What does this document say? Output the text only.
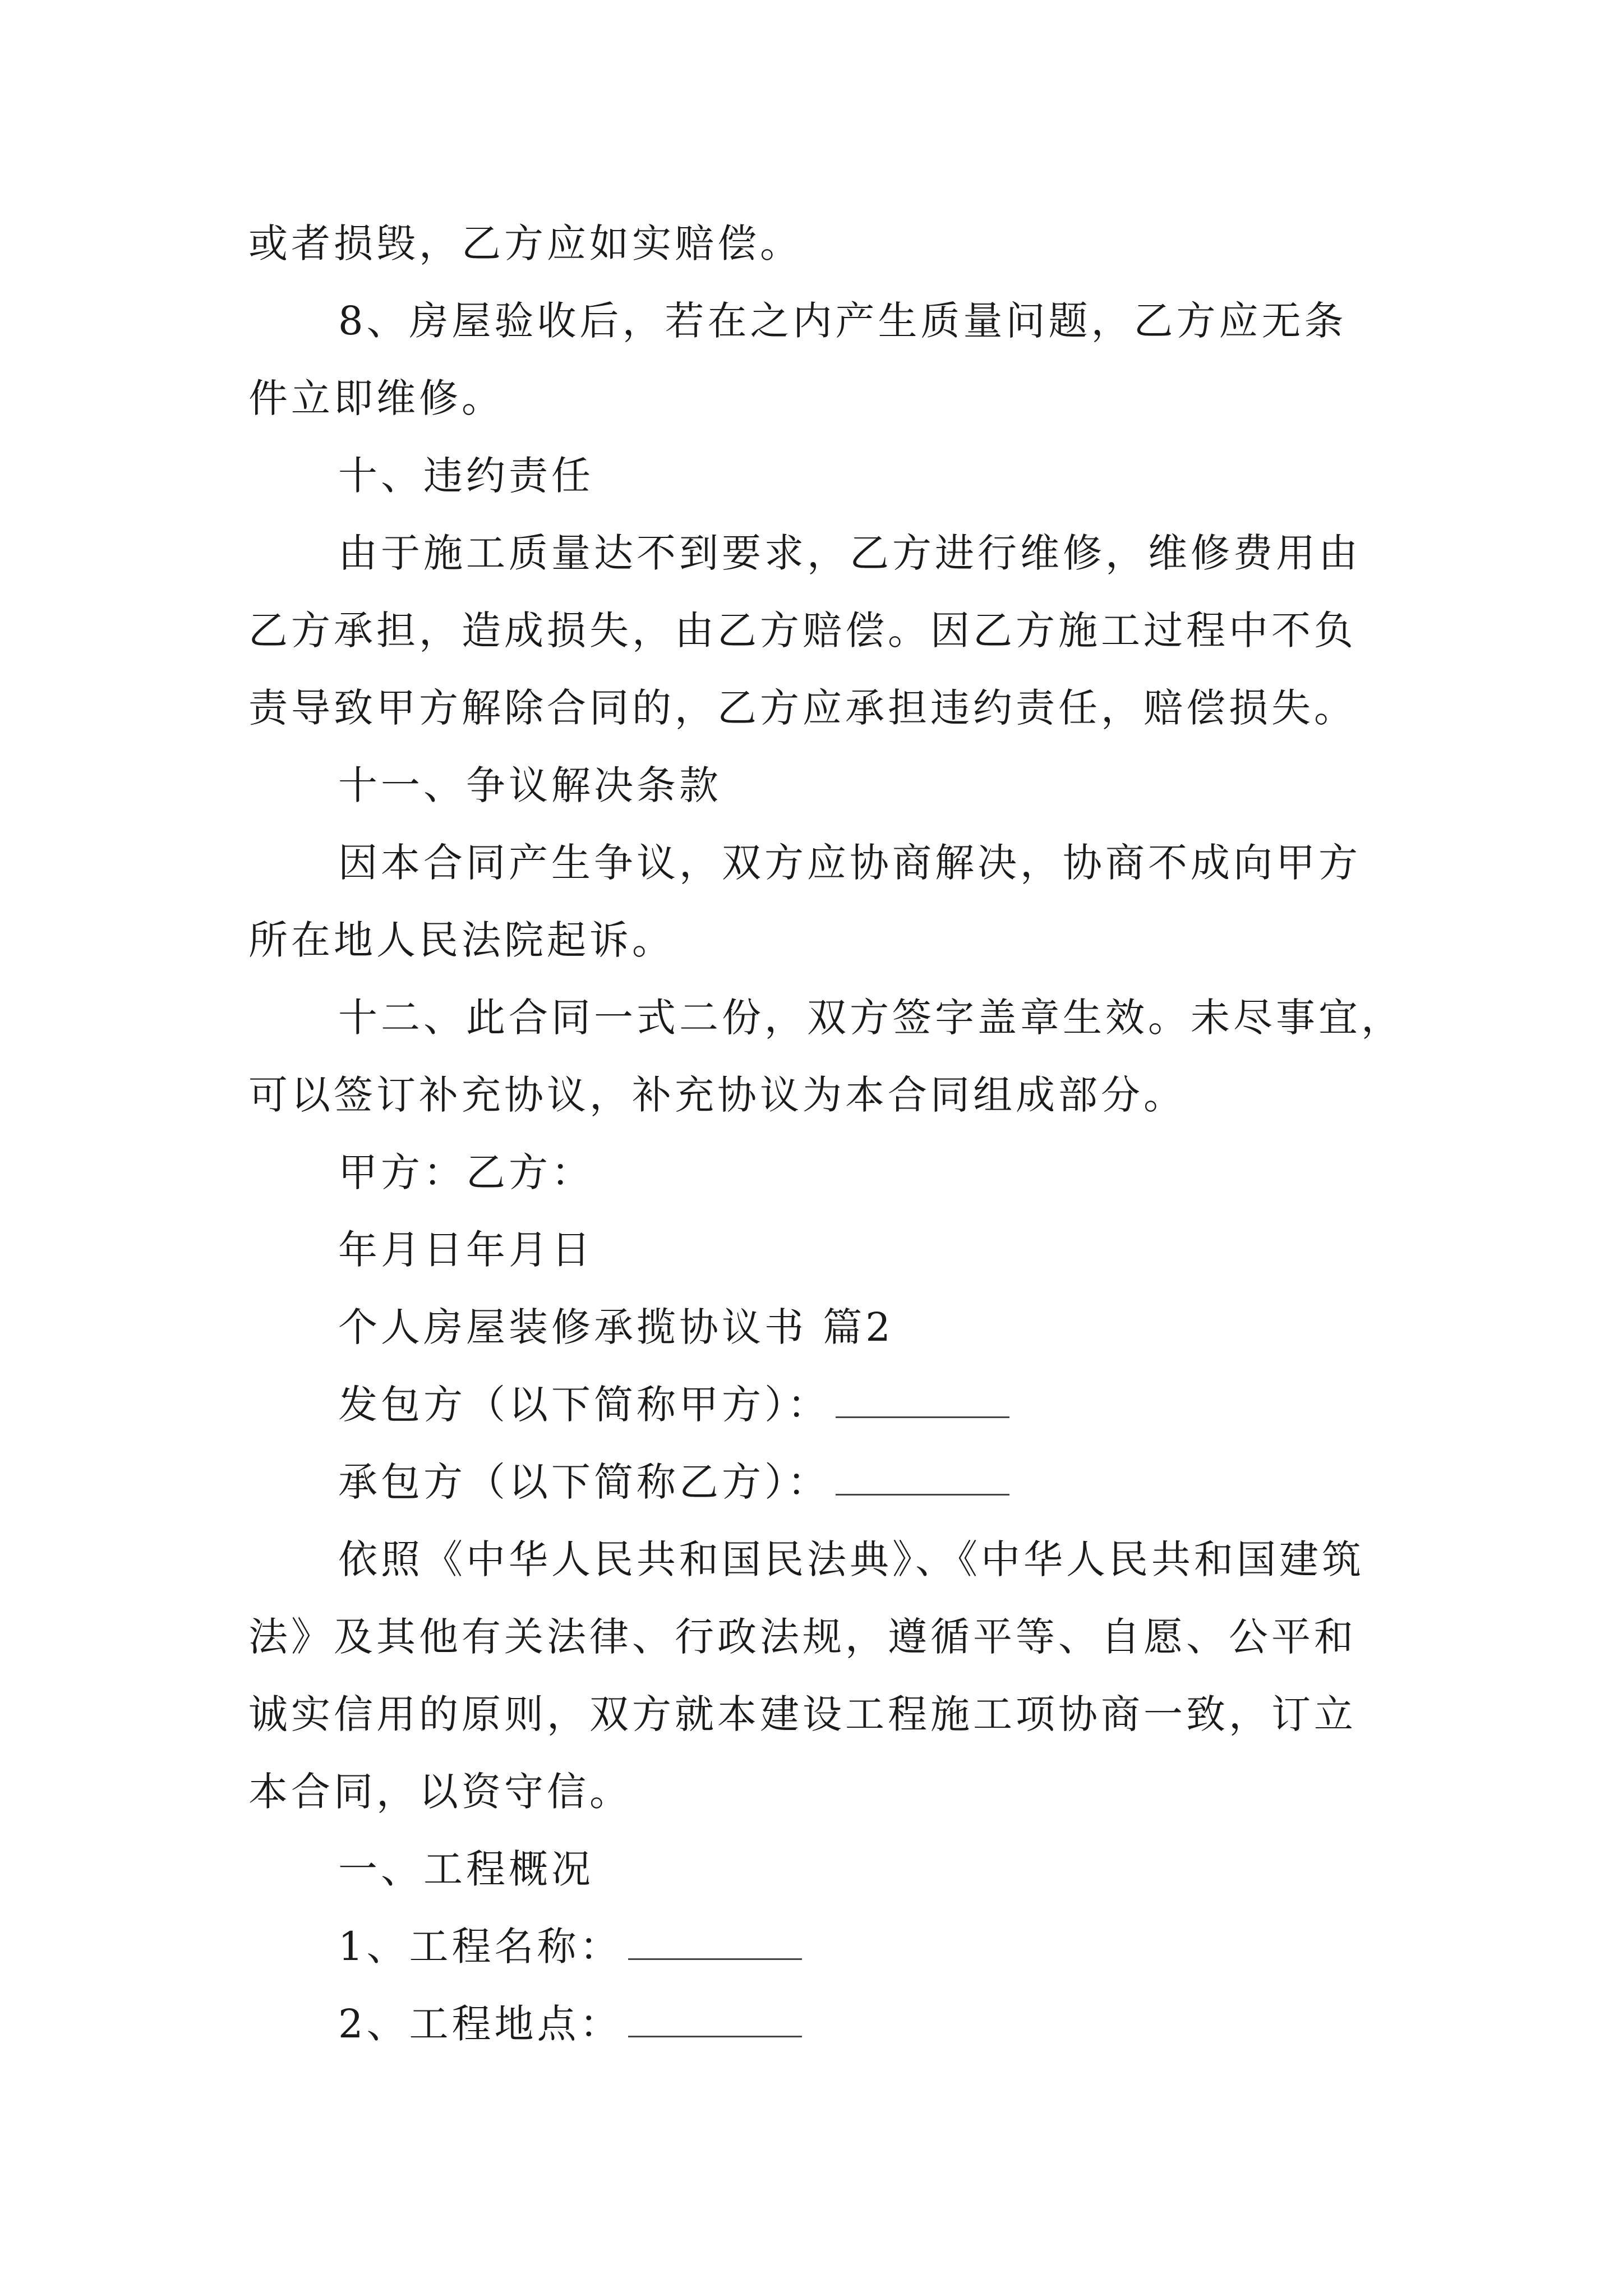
或者损毁，乙方应如实赔偿。
8、房屋验收后，若在之内产生质量问题，乙方应无条
件立即维修。
十、违约责任
由于施工质量达不到要求，乙方进行维修，维修费用由
乙方承担，造成损失，由乙方赔偿。因乙方施工过程中不负
责导致甲方解除合同的，乙方应承担违约责任，赔偿损失。
十一、争议解决条款
因本合同产生争议，双方应协商解决，协商不成向甲方
所在地人民法院起诉。
十二、此合同一式二份，双方签字盖章生效。未尽事宜，
可以签订补充协议，补充协议为本合同组成部分。
甲方：乙方：
年月日年月日
个人房屋装修承揽协议书 篇2
发包方（以下简称甲方）：
承包方（以下简称乙方）：
依照《中华人民共和国民法典》、《中华人民共和国建筑
法》及其他有关法律、行政法规，遵循平等、自愿、公平和
诚实信用的原则，双方就本建设工程施工项协商一致，订立
本合同，以资守信。
一、工程概况
1、工程名称：
2、工程地点：
